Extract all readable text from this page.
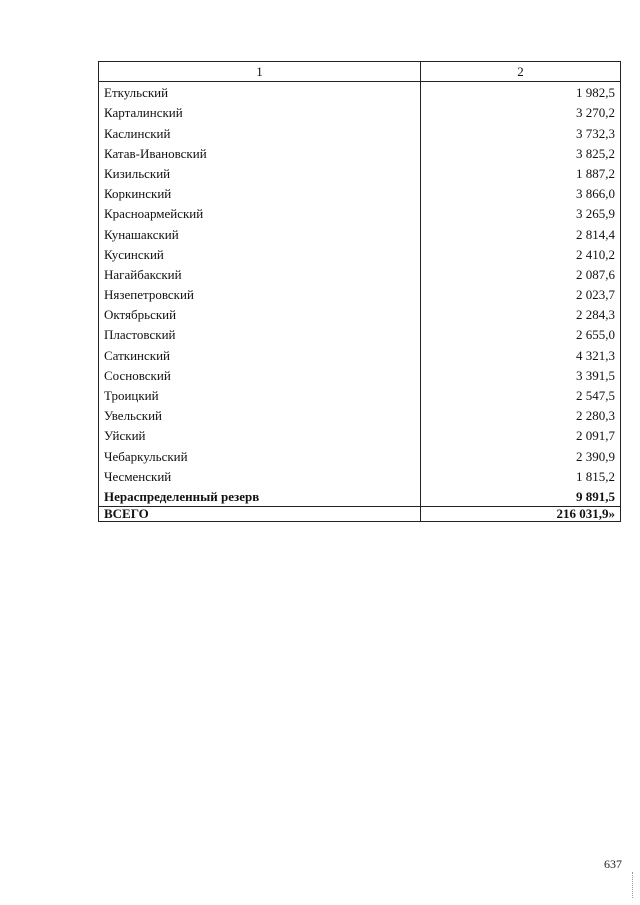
1	2
Еткульский	1 982,5
Карталинский	3 270,2
Каслинский	3 732,3
Катав-Ивановский	3 825,2
Кизильский	1 887,2
Коркинский	3 866,0
Красноармейский	3 265,9
Кунашакский	2 814,4
Кусинский	2 410,2
Нагайбакский	2 087,6
Нязепетровский	2 023,7
Октябрьский	2 284,3
Пластовский	2 655,0
Саткинский	4 321,3
Сосновский	3 391,5
Троицкий	2 547,5
Увельский	2 280,3
Уйский	2 091,7
Чебаркульский	2 390,9
Чесменский	1 815,2
Нераспределенный резерв	9 891,5
ВСЕГО	216 031,9»
637
